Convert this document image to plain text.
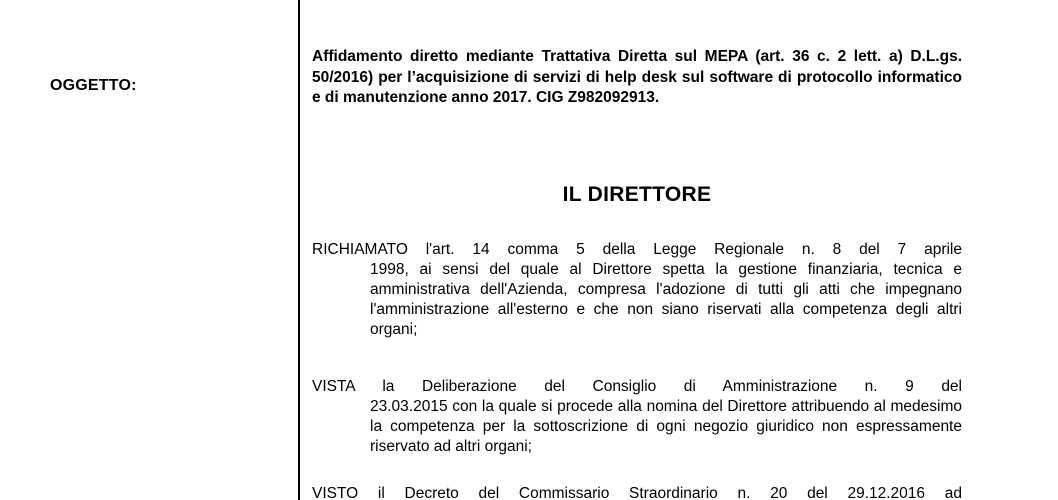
OGGETTO:
Affidamento diretto mediante Trattativa Diretta sul MEPA (art. 36 c. 2 lett. a) D.L.gs. 50/2016) per l’acquisizione di servizi di help desk sul software di protocollo informatico e di manutenzione anno 2017. CIG Z982092913.
IL DIRETTORE
RICHIAMATO l'art. 14 comma 5 della Legge Regionale n. 8 del 7 aprile
1998, ai sensi del quale al Direttore spetta la gestione finanziaria, tecnica e amministrativa dell'Azienda, compresa l'adozione di tutti gli atti che impegnano l'amministrazione all'esterno e che non siano riservati alla competenza degli altri organi;
VISTA la Deliberazione del Consiglio di Amministrazione n. 9 del
23.03.2015 con la quale si procede alla nomina del Direttore attribuendo al medesimo la competenza per la sottoscrizione di ogni negozio giuridico non espressamente riservato ad altri organi;
VISTO il Decreto del Commissario Straordinario n. 20 del 29.12.2016 ad
